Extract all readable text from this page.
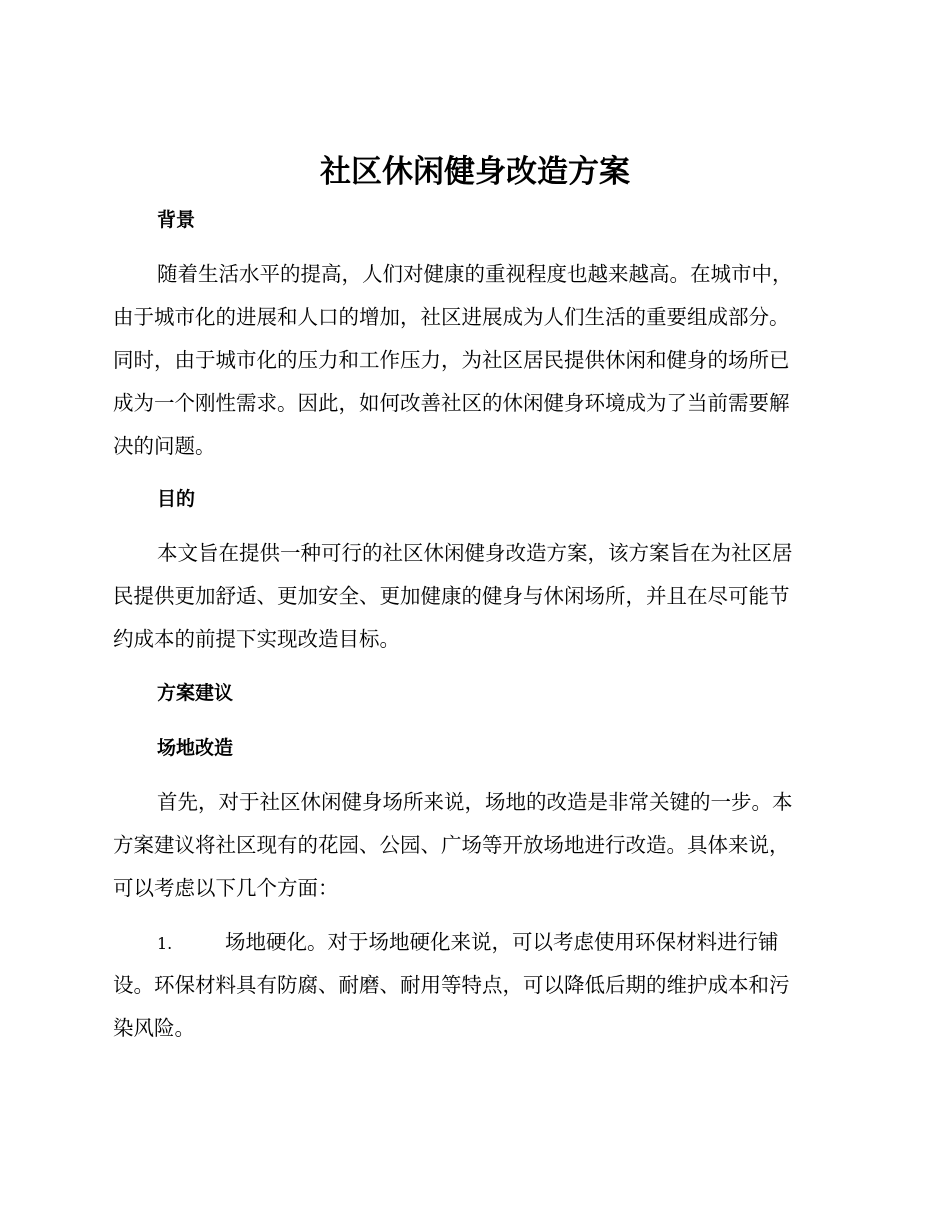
社区休闲健身改造方案
背景
随着生活水平的提高，人们对健康的重视程度也越来越高。在城市中，
由于城市化的进展和人口的增加，社区进展成为人们生活的重要组成部分。
同时，由于城市化的压力和工作压力，为社区居民提供休闲和健身的场所已
成为一个刚性需求。因此，如何改善社区的休闲健身环境成为了当前需要解
决的问题。
目的
本文旨在提供一种可行的社区休闲健身改造方案，该方案旨在为社区居
民提供更加舒适、更加安全、更加健康的健身与休闲场所，并且在尽可能节
约成本的前提下实现改造目标。
方案建议
场地改造
首先，对于社区休闲健身场所来说，场地的改造是非常关键的一步。本
方案建议将社区现有的花园、公园、广场等开放场地进行改造。具体来说，
可以考虑以下几个方面：
1.	场地硬化。对于场地硬化来说，可以考虑使用环保材料进行铺
设。环保材料具有防腐、耐磨、耐用等特点，可以降低后期的维护成本和污
染风险。
